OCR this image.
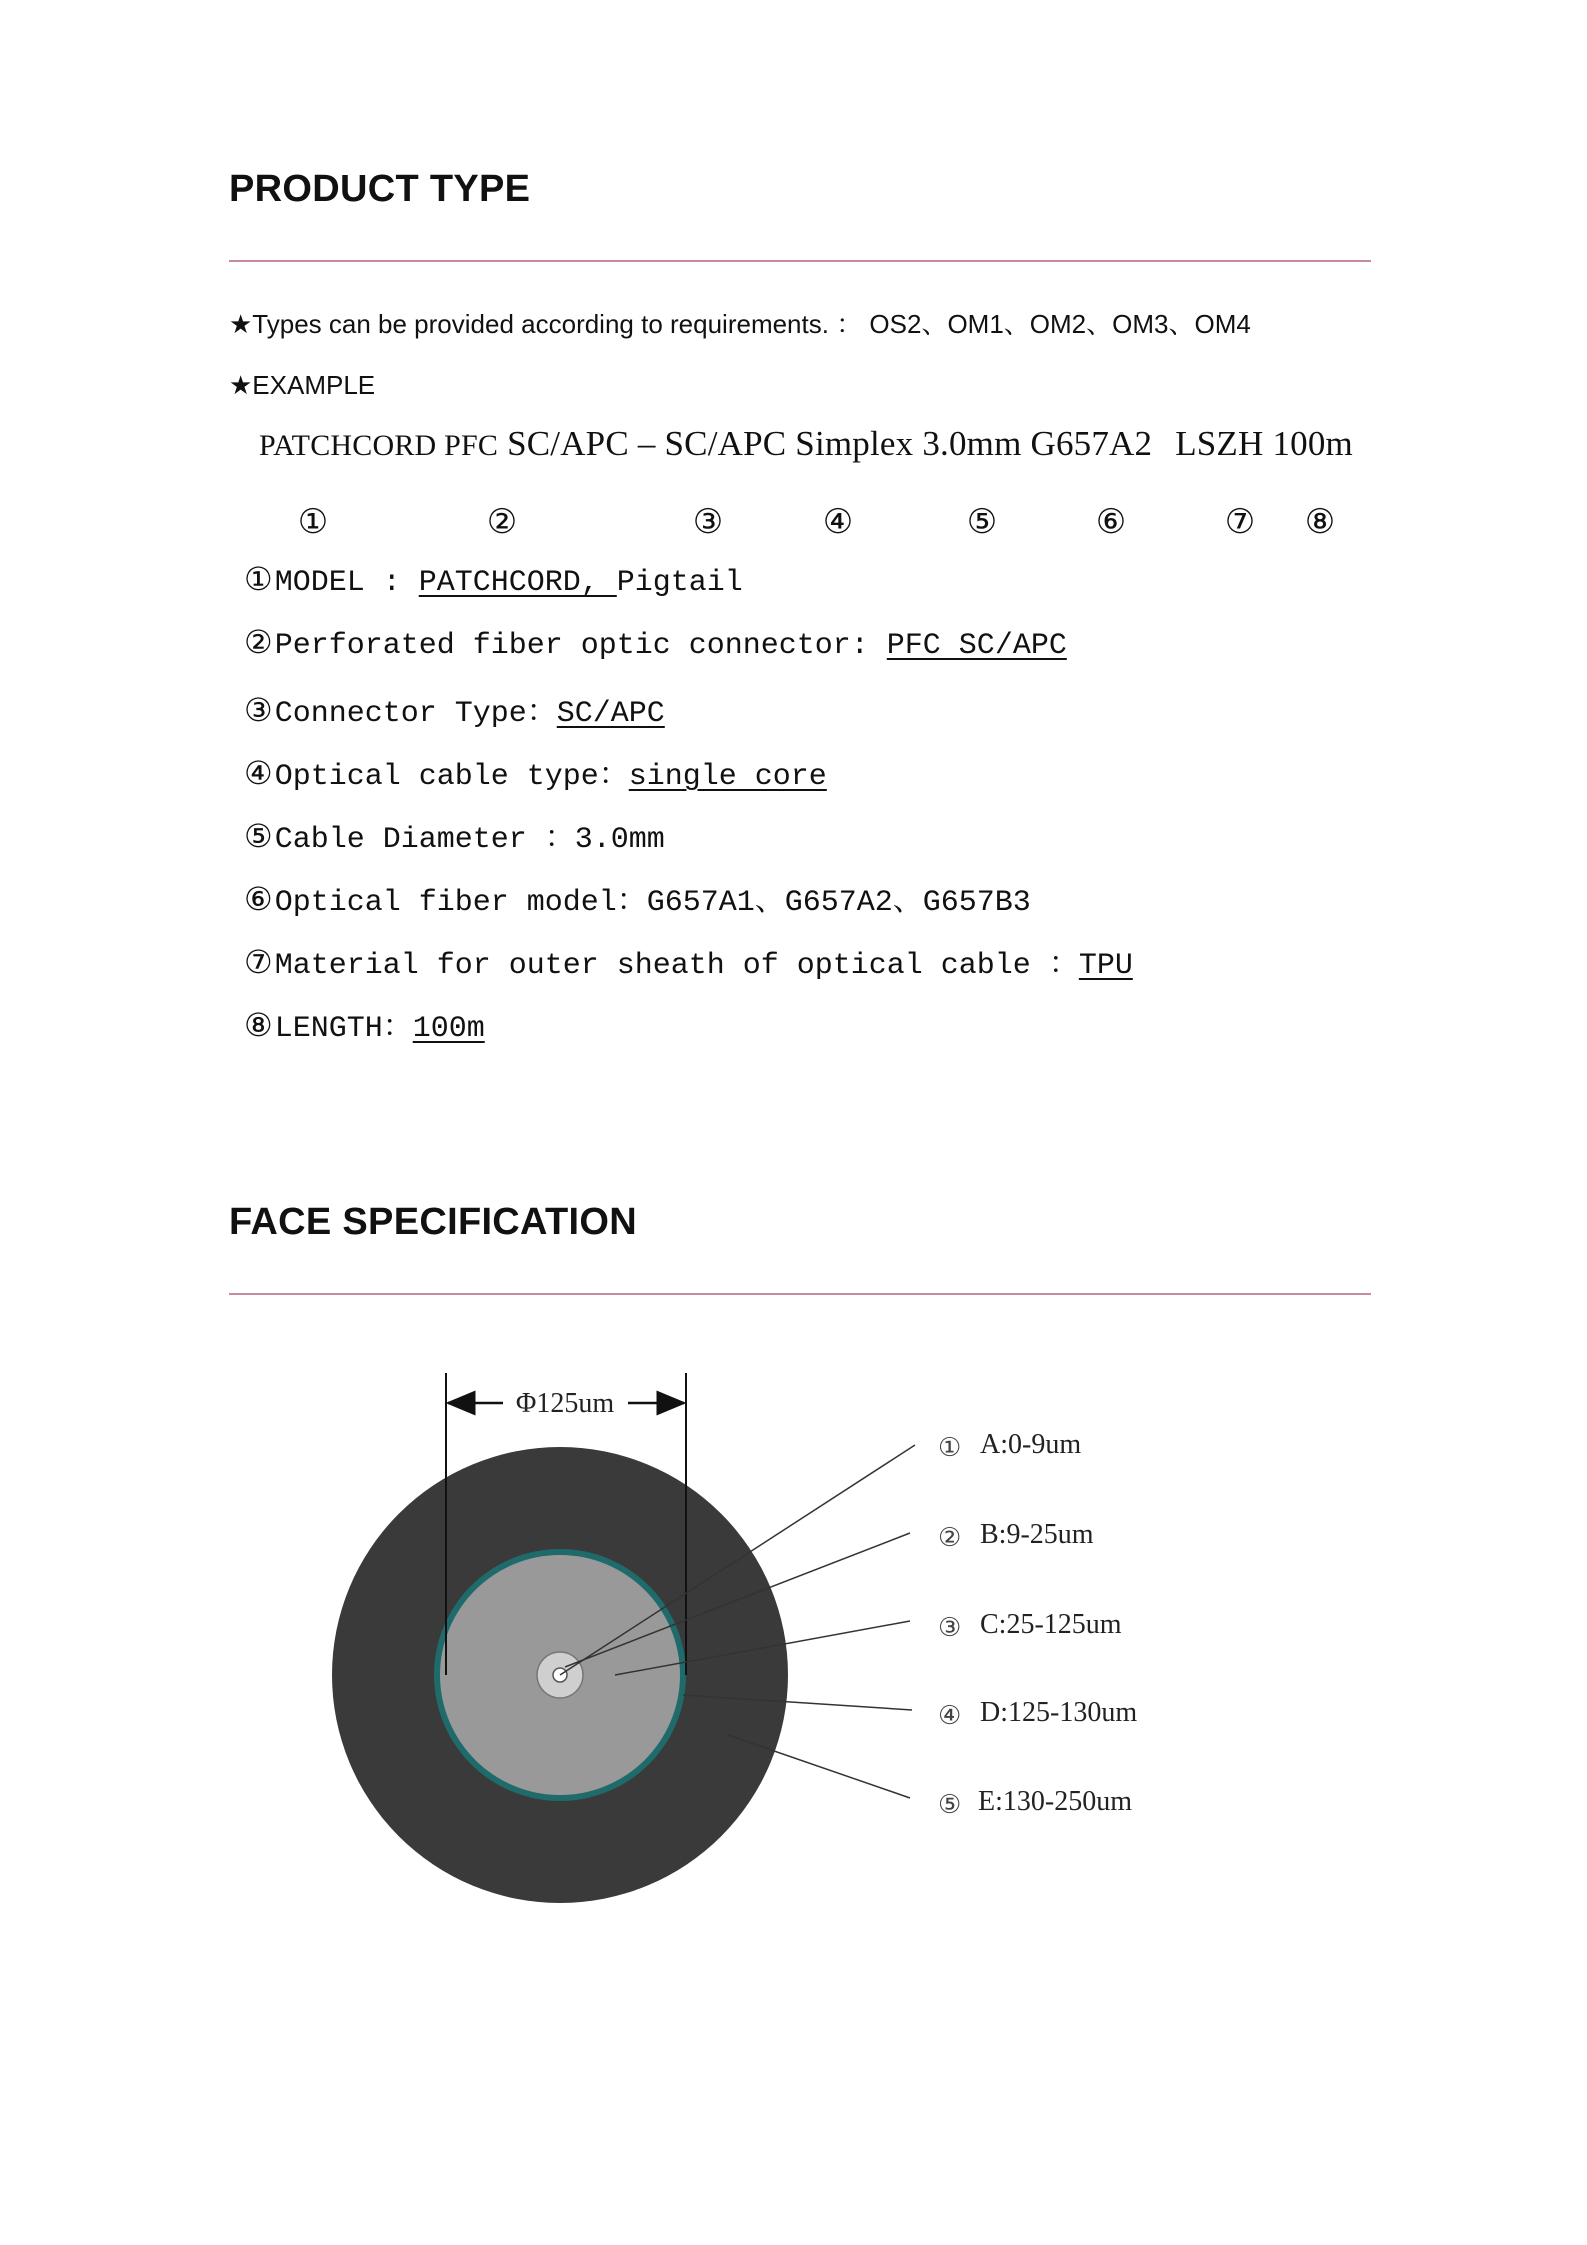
PRODUCT TYPE
★Types can be provided according to requirements. ： OS2、OM1、OM2、OM3、OM4
★EXAMPLE
PATCHCORD PFC SC/APC – SC/APC Simplex 3.0mm G657A2 LSZH 100m
①	②	③	④	⑤	⑥	⑦ ⑧
① MODEL : PATCHCORD, Pigtail
② Perforated fiber optic connector: PFC SC/APC
③ Connector Type： SC/APC
④ Optical cable type： single core
⑤ Cable Diameter ：3.0mm
⑥ Optical fiber model：G657A1、G657A2、G657B3
⑦ Material for outer sheath of optical cable ： TPU
⑧ LENGTH： 100m
FACE SPECIFICATION
Φ125um
① A:0-9um
② B:9-25um
③ C:25-125um
④ D:125-130um
⑤ E:130-250um
